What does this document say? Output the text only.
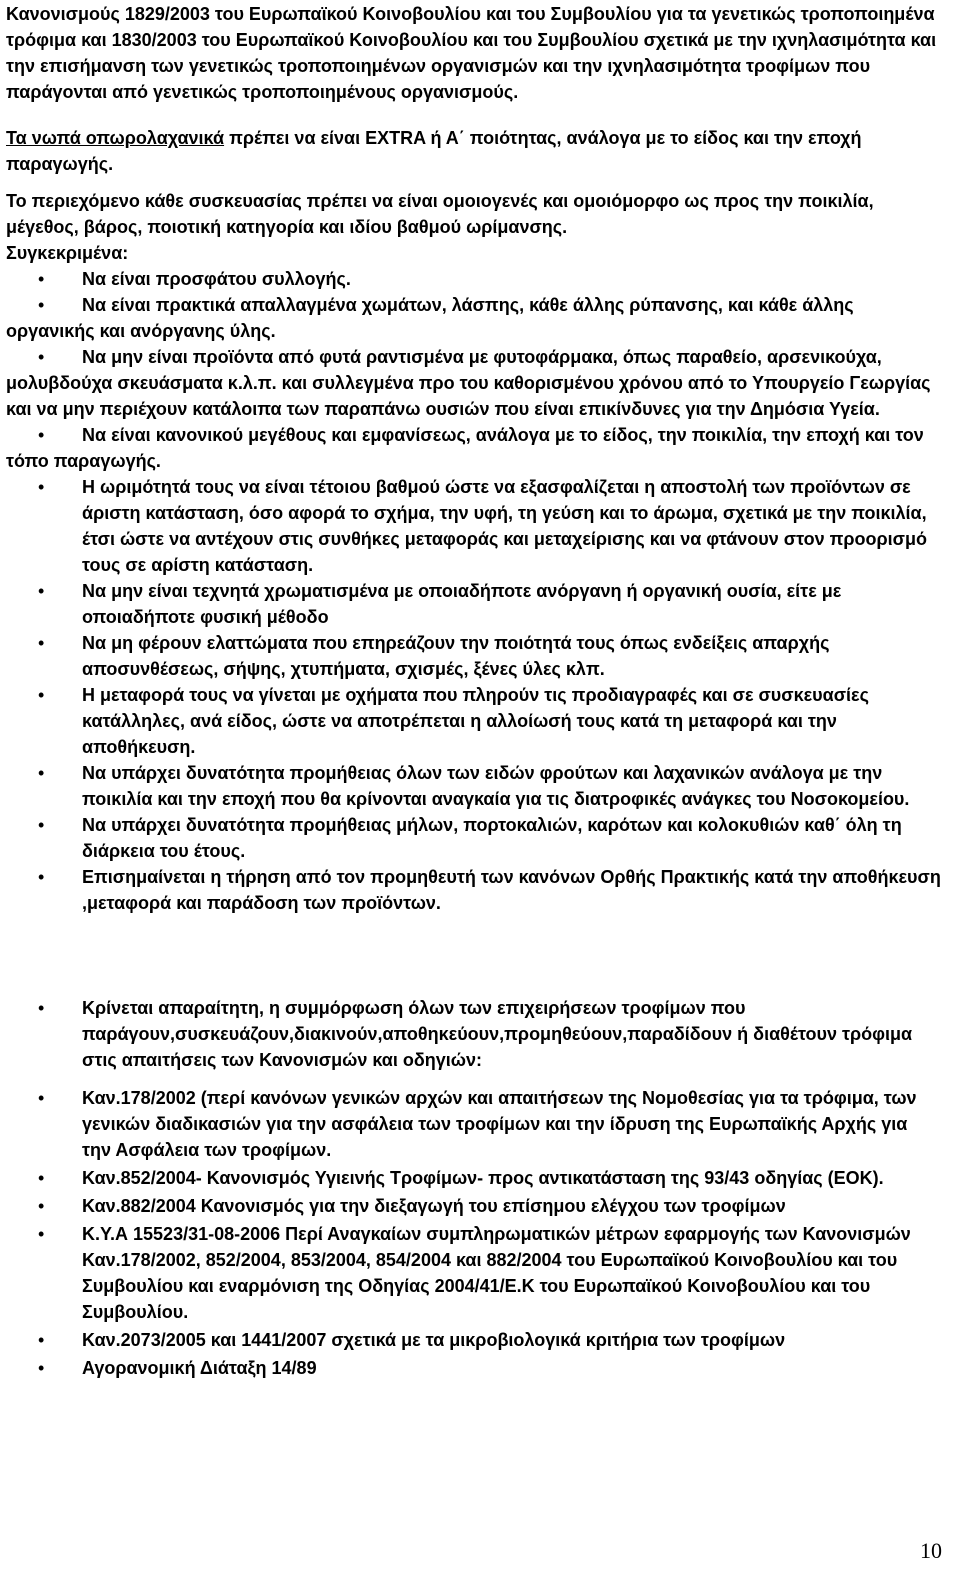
Κανονισμούς 1829/2003 του Ευρωπαϊκού Κοινοβουλίου και του Συμβουλίου για τα γενετικώς τροποποιημένα τρόφιμα και 1830/2003 του Ευρωπαϊκού Κοινοβουλίου και του Συμβουλίου σχετικά με την ιχνηλασιμότητα και την επισήμανση των γενετικώς τροποποιημένων οργανισμών και την ιχνηλασιμότητα τροφίμων που παράγονται από γενετικώς τροποποιημένους οργανισμούς.

Τα νωπά οπωρολαχανικά πρέπει να είναι EXTRA ή Α΄ ποιότητας, ανάλογα με το είδος και την εποχή παραγωγής.

Το περιεχόμενο κάθε συσκευασίας πρέπει να είναι ομοιογενές και ομοιόμορφο ως προς την ποικιλία, μέγεθος, βάρος, ποιοτική κατηγορία και ιδίου βαθμού ωρίμανσης.

Συγκεκριμένα:

•
Να είναι προσφάτου συλλογής.

•
Να είναι πρακτικά απαλλαγμένα χωμάτων, λάσπης, κάθε άλλης ρύπανσης, και κάθε άλλης οργανικής και ανόργανης ύλης.

•
Να μην είναι προϊόντα από φυτά ραντισμένα με φυτοφάρμακα, όπως παραθείο, αρσενικούχα, μολυβδούχα σκευάσματα κ.λ.π. και συλλεγμένα προ του καθορισμένου χρόνου από το Υπουργείο Γεωργίας και να μην περιέχουν κατάλοιπα των παραπάνω ουσιών που είναι επικίνδυνες για την Δημόσια Υγεία.

•
Να είναι κανονικού μεγέθους και εμφανίσεως, ανάλογα με το είδος, την ποικιλία, την εποχή και τον τόπο παραγωγής.

•
Η ωριμότητά τους να είναι τέτοιου βαθμού ώστε να εξασφαλίζεται η αποστολή των προϊόντων σε άριστη κατάσταση, όσο αφορά το σχήμα, την υφή, τη γεύση και το άρωμα, σχετικά με την ποικιλία, έτσι ώστε να αντέχουν στις συνθήκες μεταφοράς και μεταχείρισης και να φτάνουν στον προορισμό τους σε αρίστη κατάσταση.

•
Να μην είναι τεχνητά χρωματισμένα με οποιαδήποτε ανόργανη ή οργανική ουσία, είτε με οποιαδήποτε φυσική μέθοδο

•
Να μη φέρουν ελαττώματα που επηρεάζουν την ποιότητά τους όπως ενδείξεις απαρχής αποσυνθέσεως, σήψης, χτυπήματα, σχισμές, ξένες ύλες κλπ.

•
Η μεταφορά τους να γίνεται με οχήματα που πληρούν τις προδιαγραφές και σε συσκευασίες κατάλληλες, ανά είδος, ώστε να αποτρέπεται η αλλοίωσή τους κατά τη μεταφορά και την αποθήκευση.

•
Να υπάρχει δυνατότητα προμήθειας όλων των ειδών φρούτων και λαχανικών ανάλογα με την ποικιλία και την εποχή που θα κρίνονται αναγκαία για τις διατροφικές ανάγκες του Νοσοκομείου.

•
Να υπάρχει δυνατότητα προμήθειας μήλων, πορτοκαλιών, καρότων και κολοκυθιών καθ΄ όλη τη διάρκεια του έτους.

•
Επισημαίνεται η τήρηση από τον προμηθευτή των κανόνων Ορθής Πρακτικής κατά την αποθήκευση ,μεταφορά και παράδοση των προϊόντων.

•
Κρίνεται απαραίτητη, η συμμόρφωση όλων των επιχειρήσεων τροφίμων που παράγουν,συσκευάζουν,διακινούν,αποθηκεύουν,προμηθεύουν,παραδίδουν ή διαθέτουν τρόφιμα στις απαιτήσεις των Κανονισμών και οδηγιών:

•
Καν.178/2002 (περί κανόνων γενικών αρχών και απαιτήσεων της Νομοθεσίας για τα τρόφιμα, των γενικών διαδικασιών για την ασφάλεια των τροφίμων και την ίδρυση της Ευρωπαϊκής Αρχής για την Ασφάλεια των τροφίμων.

•
Καν.852/2004- Κανονισμός Υγιεινής Τροφίμων- προς αντικατάσταση της 93/43 οδηγίας (ΕΟΚ).

•
Καν.882/2004 Κανονισμός για την διεξαγωγή του επίσημου ελέγχου των τροφίμων

•
Κ.Υ.Α 15523/31-08-2006 Περί Αναγκαίων συμπληρωματικών μέτρων εφαρμογής των Κανονισμών Καν.178/2002, 852/2004, 853/2004, 854/2004 και 882/2004 του Ευρωπαϊκού Κοινοβουλίου και του Συμβουλίου και εναρμόνιση της Οδηγίας 2004/41/Ε.Κ του Ευρωπαϊκού Κοινοβουλίου και του Συμβουλίου.

•
Καν.2073/2005 και 1441/2007 σχετικά με τα μικροβιολογικά κριτήρια των τροφίμων

•
Αγορανομική Διάταξη 14/89

10
